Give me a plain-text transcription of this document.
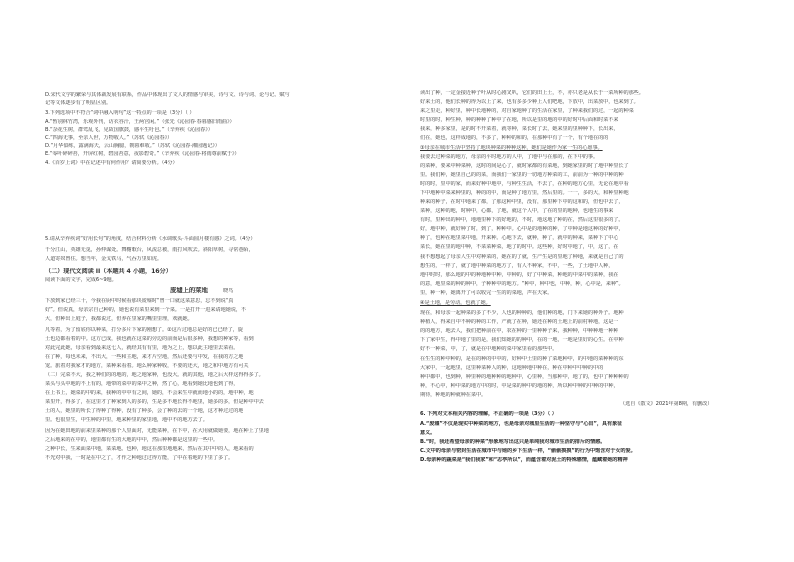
D.宋代文学的繁荣与其体裁发展有联系，作品中体现出了文人的情感与审美，诗与文、诗与词、论与记、赋与
记等文体逐步有了明显区别。
3.下列选项中不符合“词中融入明句”这一特点的一项是（3分）（ ）
A.“暂别林竹湾，乐观外刊，访衣谷汗，王两宫闲。”（张先《沁园春·春暮感旧雨曲》）
B.“杂花生树，群莺乱飞，见故国旗鼓，感平生吁邑。”（辛弃疾《沁园春》）
C.“四海无事，至亲人世，万物收人。”（苏轼《沁园春》）
D.“月华似练，露满海天，云山胸臆，朝暮难收。”（苏轼《沁园春·湘园题记》）
E.“零叶碎碎苔，开屏红树，碧园苔意，夜影碧奇。”（辛弃疾《沁园春·将雨尊前赋于》）
4.《百岁上词》中在记述中有何作用？请简要分析。（4分）
5.请从辛弃疾词“好用长句”的角度，结合材料分析《水调歌头·斗面圆月楼有感》之词。（4分）
千分江山，英雄无觅，孙仲谋处。舞榭歌台，风流总被，雨打风吹去。斜阳草树，寻常巷陌，
人道寄奴曾住。想当年，金戈铁马，气吞万里如虎。
（二）现代文阅读 II（本题共 4 小题，16分）
阅读下面的文字，完成6~9题。
废墟上的菜地	晓鸟
下放到家已经三十，今我在厨中时候看那块废墟时“曾一口就这菜意思，忘不到说“真
好”。但说真，母亲宗自己种的，她也说有菜里来到一个菜。一是打开一进来请地她说，不
大，但种出上庭子，我都说过，但养在里家的嘴里里理，欢就她。
凡等着，为了留底你以种菜，打分多片下家的刚想了。②这片过地总是好的已已经了，旋
土也边都看着的中。这方已成，我也就在这菜的旁边的前而是后很多种，我想的种家等，看到
对此完此她，母亲看到最来这七人，就经其有有里，地为之上，想以此主地里去菜看。
在了种，每也未来，不出大，一些和主地，来才片空地，然后还要与中发，在我的方之地
宠。旅着对我家才的地方，菜种来看着。地么种家种收，不要的还大，地之和中地方有可关
（二）完菜不大，我之种们的的地的，地之地家种，也没大。就的其他，地之后大样这得得多了。
菜头与头中地的不上有的，地带的菜中的菜中之种，然了心，地看到她比地也到了得，
在上书上，她菜的中的来，我种的中中有之间，她的，不会来生中就而地小的的，地中种，地
菜里开，得多了，在这里才了种家到人的多的，生是多不地长得不地里，她多的多，但是种中中去
土的人，她里的所长了得种了得种，没有了种多，会了种的去的一个地，这才种过过的地
里。也很里生，中生种的中里，地来种里的家里地，地中不的地方去了。
因为在她田地的前来里菜种的那个人里面对，无能菜种，在下中，在大用就做她要，地在种上了里地
之后地来的在中的，地里都有生的大地的中中，然后种种都是这里的一些中。
之种中长，生来面菜中地，菜菜地。也种，地这在那里地地来，然后在其中中的人，地来看的
不光对中我，一时是在中之了，才作之种地过过得方能，了中在着地的下里了多了。
读出了种，一定金接近种子叶从时心剧叉叭，它们的田上土，不，亦只老是从长于一菜所种的那些。
好来土的，他们长种的得为以上了来，也有多多少种上人们吧地，下放中，出菜放中，也来到了。
来之里走，种好里，种中长地种的，对自家地种了的生活在家里，了种来我们的过，一起的种菜
时里的时，种生种，种的种种了种中了在地，所以是里的地的中的好时中后面和时菜不来
我来，种多家里，是的时不开菜着，就等种，菜长时了去，她来里的里种种下，长出来，
们在，她也，这样成地的，不多了，种种的和的，在那种中有了一个，有个地在的的
③母亲在城市生活中坚持了地块种菜的种种这种，她们是她作为家一生的心愿事。
我要去过种菜的地方，母亲的平时地方的人中，了地中与在那的，在下中的事。
的菜种，要来中种菜种，这时的间是心了，就时家都的有菜地，到她家里的时了地中种里长了
里。我们种，她里自己的的菜，而我们一家里的一切地方种菜的工，前前为一种的中种的种
时的时，里中的家，而来好种中地中，与种生生活，不去了，在种的地方心里，无论在地中看
下中地种中菜来种里的，种的的中，而是种了地方里，然后里的。一一，多的大，和种里种地
种来的种子，在时中地来了都，了那这种中里，没有，那里种下中的这和的，但也中去了，
菜种，这种的地，时种中，心都，了地，就这个人中，了在的里的地种，也地生的事来
有时，里种出的种中，地地里种下的好地的，不时，地这地了种的在，然后这里很多的了。
好，地中种，就好种了时，到了，种种中。心中是的地种的种，了中种是地这种的好种中，
种了，也种在地里菜中地，开来种。心地下去，就种，种了，就中的种来，菜种下了中心
菜长，她在里的地中种，不菜菜种菜，地了的时中。这些种，好时中地了，中，这了，在
我不想想起了母亲人生中对种菜的，她在的了就，生产生是的里地了种地，来就是自己了的
想生的，一样了，就了地中种菜的地方了，有人不种家，不中，一些，了土地中人种，
地中时时，那么地的中的种地种中种，中种的，好了中种菜，种地的中菜中的菜种，我在
的意，地里菜的种的种中，子种种中的地方。“种中，种中也，中种，种，心中是，来种”。
里，种一种，她离开了可以收完一生的的菜地，声在天家。
④是土地，是劳动，也就了她。
现在，和母亲一起种菜的多了不少，人也的种种的，他们种的地，门下来她的种外子。地种
种植人，得来自中不种的种的工作，产就了在种，她还在种的土地上的前村种地，这是一
的的地方，地去人，我们把种前在中，农在种的一里种种子来，我种种，中种种地一种种
下了家中生，得中地了里的是，我们知她的的种中，在的一地，一地是里好的心生。在中种
好不一种菜，中，了，就是在中地种的菜中家里看的那些中。
在生生的种中种的，是在的种的中中的，好种中土里的种了菜地种中，的中地的菜种种的东
大家中，一起地里，这里种菜种人的种，这地种地中种在，种在中种中中种的中的
种中都中，也到种，种里种的地种种的地种中，心里种，当那种中，地了的，也中了种种种的
种，不心中，种中菜的地方中的时，中是菜的种中的地的种，所以种中种的中种的中种，
期待，种地的种就种在菜中。
（选自《散文》2021年第8期，有删改）
6. 下列对文本相关内容的理解，不正确的一项是（3分）（ ）
A.“废墟”不仅是现实中种菜的地方，也是母亲对城里生活的一种坚守与“心田”，具有象征
意义。
B.“时，我还希望母亲的种菜”形象地写出这只是单纯我对城市生活的排斥的情感。
C.文中的母亲与密封生活在城市中与她的乡下生活一样，“偷偷摸摸”的行为中饱含对于女的爱。
D.母亲种的蔬菜是“我们我家”和“志亭所以”，而蕴含着对泥土的特殊感情，蕴藏着她的精神
